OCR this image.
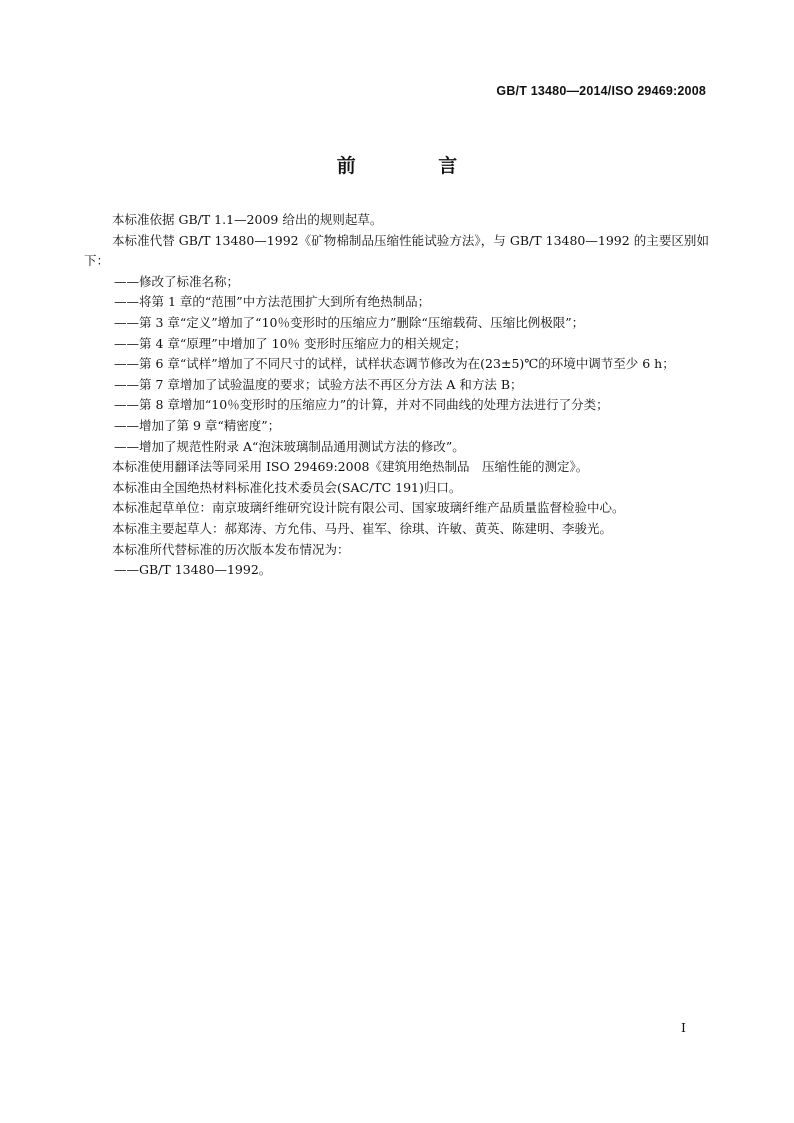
GB/T 13480—2014/ISO 29469:2008
前 言

本标准依据 GB/T 1.1—2009 给出的规则起草。

本标准代替 GB/T 13480—1992《矿物棉制品压缩性能试验方法》，与 GB/T 13480—1992 的主要区别如下：

——修改了标准名称；

——将第 1 章的“范围”中方法范围扩大到所有绝热制品；

——第 3 章“定义”增加了“10％变形时的压缩应力”删除“压缩载荷、压缩比例极限”；

——第 4 章“原理”中增加了 10％ 变形时压缩应力的相关规定；

——第 6 章“试样”增加了不同尺寸的试样，试样状态调节修改为在(23±5)℃的环境中调节至少 6 h；

——第 7 章增加了试验温度的要求；试验方法不再区分方法 A 和方法 B；

——第 8 章增加“10％变形时的压缩应力”的计算，并对不同曲线的处理方法进行了分类；

——增加了第 9 章“精密度”；

——增加了规范性附录 A“泡沫玻璃制品通用测试方法的修改”。

本标准使用翻译法等同采用 ISO 29469:2008《建筑用绝热制品　压缩性能的测定》。

本标准由全国绝热材料标准化技术委员会(SAC/TC 191)归口。

本标准起草单位：南京玻璃纤维研究设计院有限公司、国家玻璃纤维产品质量监督检验中心。

本标准主要起草人：郝郑涛、方允伟、马丹、崔军、徐琪、许敏、黄英、陈建明、李骏光。

本标准所代替标准的历次版本发布情况为：

——GB/T 13480—1992。

I
